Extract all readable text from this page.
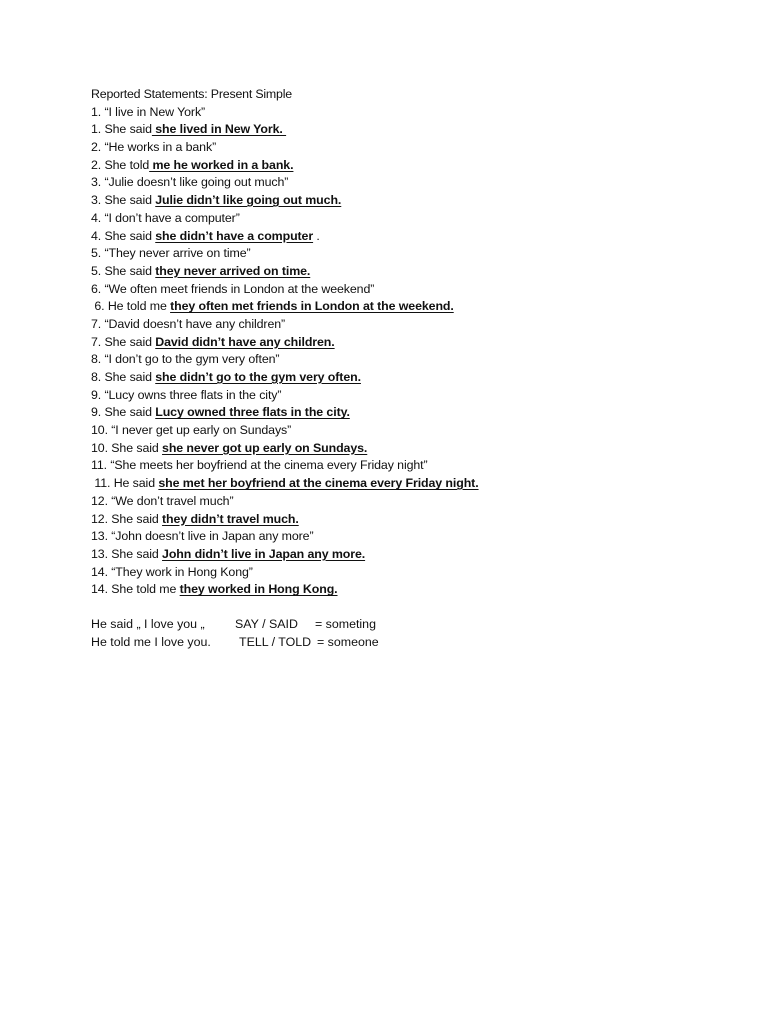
Reported Statements: Present Simple
1. “I live in New York”
1. She said she lived in New York.
2. “He works in a bank”
2. She told me he worked in a bank.
3. “Julie doesn’t like going out much”
3. She said Julie didn’t like going out much.
4. “I don’t have a computer”
4. She said she didn’t have a computer .
5. “They never arrive on time”
5. She said they never arrived on time.
6. “We often meet friends in London at the weekend”
6. He told me they often met friends in London at the weekend.
7. “David doesn’t have any children”
7. She said David didn’t have any children.
8. “I don’t go to the gym very often”
8. She said she didn’t go to the gym very often.
9. “Lucy owns three flats in the city”
9. She said Lucy owned three flats in the city.
10. “I never get up early on Sundays”
10. She said she never got up early on Sundays.
11. “She meets her boyfriend at the cinema every Friday night”
11. He said she met her boyfriend at the cinema every Friday night.
12. “We don’t travel much”
12. She said they didn’t travel much.
13. “John doesn’t live in Japan any more”
13. She said John didn’t live in Japan any more.
14. “They work in Hong Kong”
14. She told me they worked in Hong Kong.
He said „ I love you „ SAY / SAID = someting
He told me I love you. TELL / TOLD = someone
